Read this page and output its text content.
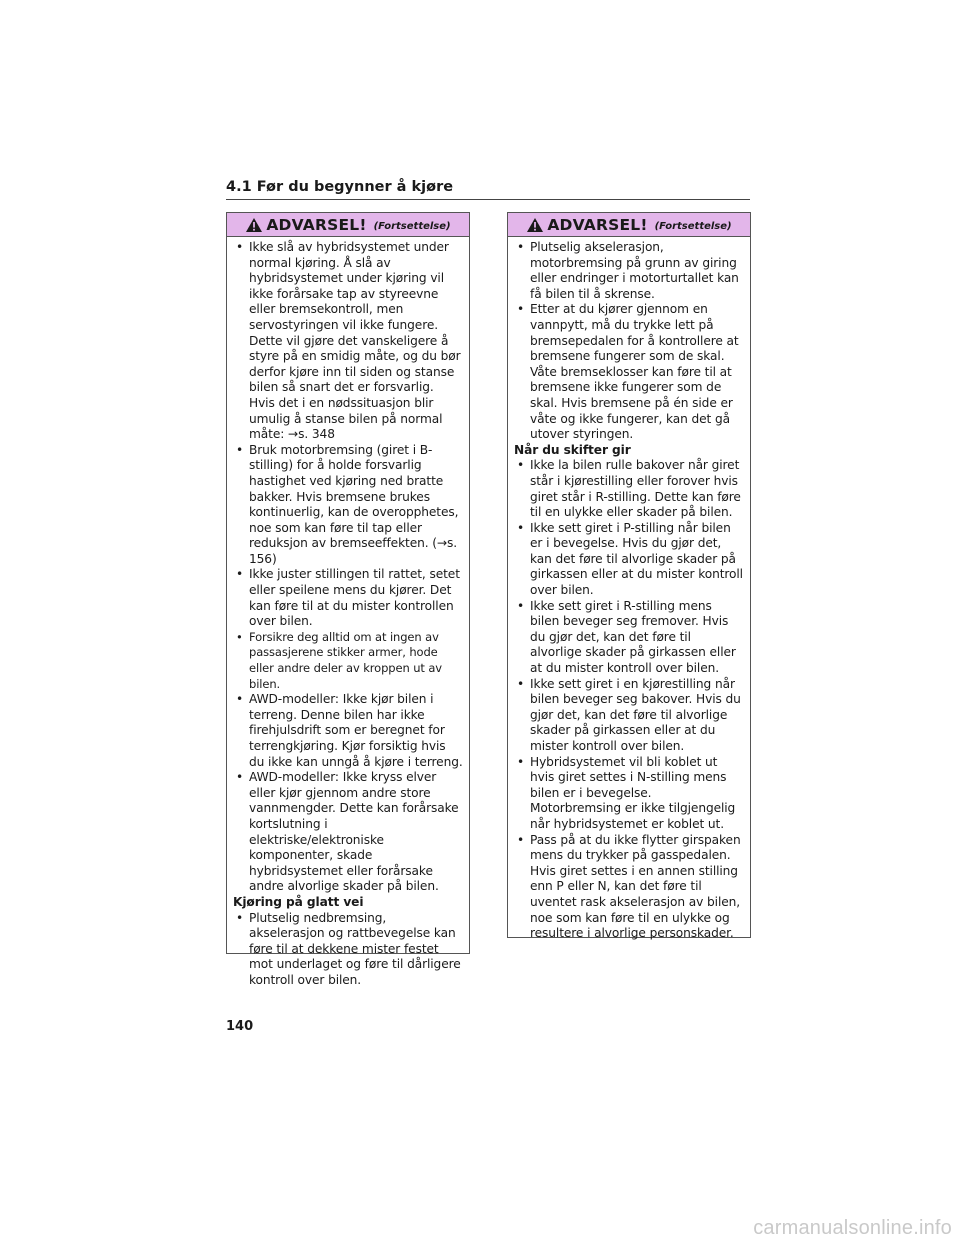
4.1 Før du begynner å kjøre
ADVARSEL! (Fortsettelse)
• Ikke slå av hybridsystemet under normal kjøring. Å slå av hybridsystemet under kjøring vil ikke forårsake tap av styreevne eller bremsekontroll, men servostyringen vil ikke fungere. Dette vil gjøre det vanskeligere å styre på en smidig måte, og du bør derfor kjøre inn til siden og stanse bilen så snart det er forsvarlig. Hvis det i en nødssituasjon blir umulig å stanse bilen på normal måte: →s. 348
• Bruk motorbremsing (giret i B-stilling) for å holde forsvarlig hastighet ved kjøring ned bratte bakker. Hvis bremsene brukes kontinuerlig, kan de overopphetes, noe som kan føre til tap eller reduksjon av bremseeffekten. (→s. 156)
• Ikke juster stillingen til rattet, setet eller speilene mens du kjører. Det kan føre til at du mister kontrollen over bilen.
• Forsikre deg alltid om at ingen av passasjerene stikker armer, hode eller andre deler av kroppen ut av bilen.
• AWD-modeller: Ikke kjør bilen i terreng. Denne bilen har ikke firehjulsdrift som er beregnet for terrengkjøring. Kjør forsiktig hvis du ikke kan unngå å kjøre i terreng.
• AWD-modeller: Ikke kryss elver eller kjør gjennom andre store vannmengder. Dette kan forårsake kortslutning i elektriske/elektroniske komponenter, skade hybridsystemet eller forårsake andre alvorlige skader på bilen.
Kjøring på glatt vei
• Plutselig nedbremsing, akselerasjon og rattbevegelse kan føre til at dekkene mister festet mot underlaget og føre til dårligere kontroll over bilen.
ADVARSEL! (Fortsettelse)
• Plutselig akselerasjon, motorbremsing på grunn av giring eller endringer i motorturtallet kan få bilen til å skrense.
• Etter at du kjører gjennom en vannpytt, må du trykke lett på bremsepedalen for å kontrollere at bremsene fungerer som de skal. Våte bremseklosser kan føre til at bremsene ikke fungerer som de skal. Hvis bremsene på én side er våte og ikke fungerer, kan det gå utover styringen.
Når du skifter gir
• Ikke la bilen rulle bakover når giret står i kjørestilling eller forover hvis giret står i R-stilling. Dette kan føre til en ulykke eller skader på bilen.
• Ikke sett giret i P-stilling når bilen er i bevegelse. Hvis du gjør det, kan det føre til alvorlige skader på girkassen eller at du mister kontroll over bilen.
• Ikke sett giret i R-stilling mens bilen beveger seg fremover. Hvis du gjør det, kan det føre til alvorlige skader på girkassen eller at du mister kontroll over bilen.
• Ikke sett giret i en kjørestilling når bilen beveger seg bakover. Hvis du gjør det, kan det føre til alvorlige skader på girkassen eller at du mister kontroll over bilen.
• Hybridsystemet vil bli koblet ut hvis giret settes i N-stilling mens bilen er i bevegelse. Motorbremsing er ikke tilgjengelig når hybridsystemet er koblet ut.
• Pass på at du ikke flytter girspaken mens du trykker på gasspedalen. Hvis giret settes i en annen stilling enn P eller N, kan det føre til uventet rask akselerasjon av bilen, noe som kan føre til en ulykke og resultere i alvorlige personskader.
140
carmanualsonline.info
